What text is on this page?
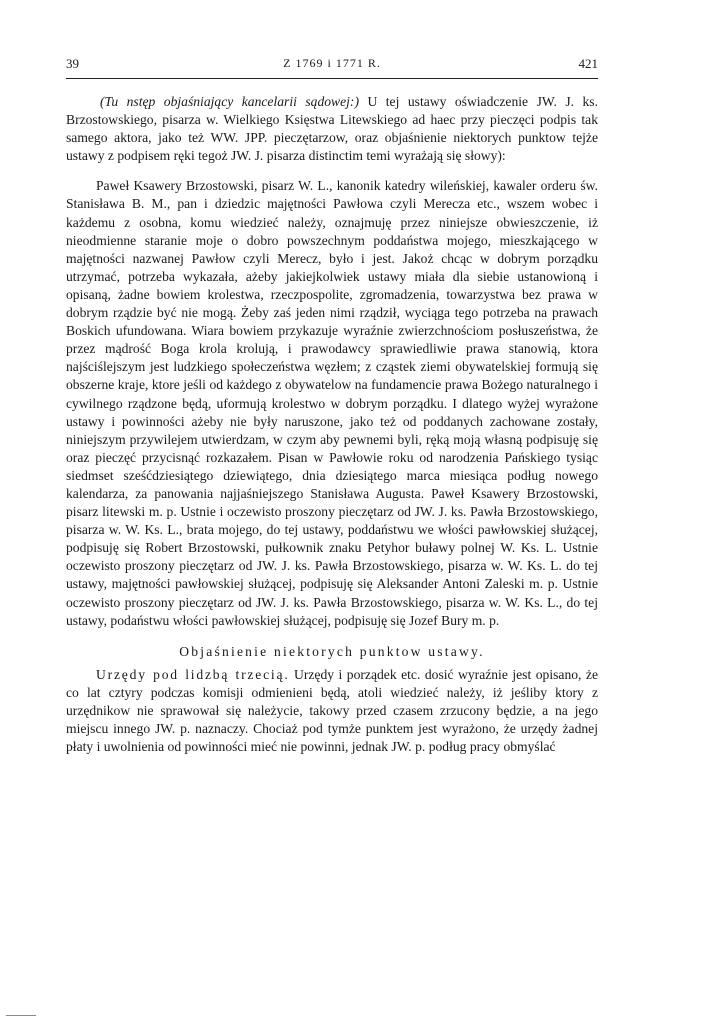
39	Z 1769 i 1771 R.	421

(Tu nstęp objaśniający kancelarii sądowej:) U tej ustawy oświadczenie JW. J. ks. Brzostowskiego, pisarza w. Wielkiego Księstwa Litewskiego ad haec przy pieczęci podpis tak samego aktora, jako też WW. JPP. pieczętarzow, oraz objaśnienie niektorych punktow tejże ustawy z podpisem ręki tegoż JW. J. pisarza distinctim temi wyrażają się słowy):

Paweł Ksawery Brzostowski, pisarz W. L., kanonik katedry wileńskiej, kawaler orderu św. Stanisława B. M., pan i dziedzic majętności Pawłowa czyli Merecza etc., wszem wobec i każdemu z osobna, komu wiedzieć należy, oznajmuję przez niniejsze obwieszczenie, iż nieodmienne staranie moje o dobro powszechnym poddaństwa mojego, mieszkającego w majętności nazwanej Pawłow czyli Merecz, było i jest. Jakoż chcąc w dobrym porządku utrzymać, potrzeba wykazała, ażeby jakiejkolwiek ustawy miała dla siebie ustanowioną i opisaną, żadne bowiem krolestwa, rzeczpospolite, zgromadzenia, towarzystwa bez prawa w dobrym rządzie być nie mogą. Żeby zaś jeden nimi rządził, wyciąga tego potrzeba na prawach Boskich ufundowana. Wiara bowiem przykazuje wyraźnie zwierzchnościom posłuszeństwa, że przez mądrość Boga krola krolują, i prawodawcy sprawiedliwie prawa stanowią, ktora najściślejszym jest ludzkiego społeczeństwa węzłem; z cząstek ziemi obywatelskiej formują się obszerne kraje, ktore jeśli od każdego z obywatelow na fundamencie prawa Bożego naturalnego i cywilnego rządzone będą, uformują krolestwo w dobrym porządku. I dlatego wyżej wyrażone ustawy i powinności ażeby nie były naruszone, jako też od poddanych zachowane zostały, niniejszym przywilejem utwierdzam, w czym aby pewnemi byli, ręką moją własną podpisuję się oraz pieczęć przycisnąć rozkazałem. Pisan w Pawłowie roku od narodzenia Pańskiego tysiąc siedmset sześćdziesiątego dziewiątego, dnia dziesiątego marca miesiąca podług nowego kalendarza, za panowania najjaśniejszego Stanisława Augusta. Paweł Ksawery Brzostowski, pisarz litewski m. p. Ustnie i oczewisto proszony pieczętarz od JW. J. ks. Pawła Brzostowskiego, pisarza w. W. Ks. L., brata mojego, do tej ustawy, poddaństwu we włości pawłowskiej służącej, podpisuję się Robert Brzostowski, pułkownik znaku Petyhor buławy polnej W. Ks. L. Ustnie oczewisto proszony pieczętarz od JW. J. ks. Pawła Brzostowskiego, pisarza w. W. Ks. L. do tej ustawy, majętności pawłowskiej służącej, podpisuję się Aleksander Antoni Zaleski m. p. Ustnie oczewisto proszony pieczętarz od JW. J. ks. Pawła Brzostowskiego, pisarza w. W. Ks. L., do tej ustawy, podaństwu włości pawłowskiej służącej, podpisuję się Jozef Bury m. p.

Objaśnienie niektorych punktow ustawy.

Urzędy pod lidzbą trzecią. Urzędy i porządek etc. dosić wyraźnie jest opisano, że co lat cztyry podczas komisji odmienieni będą, atoli wiedzieć należy, iż jeśliby ktory z urzędnikow nie sprawował się należycie, takowy przed czasem zrzucony będzie, a na jego miejscu innego JW. p. naznaczy. Chociaż pod tymże punktem jest wyrażono, że urzędy żadnej płaty i uwolnienia od powinności mieć nie powinni, jednak JW. p. podług pracy obmyślać
